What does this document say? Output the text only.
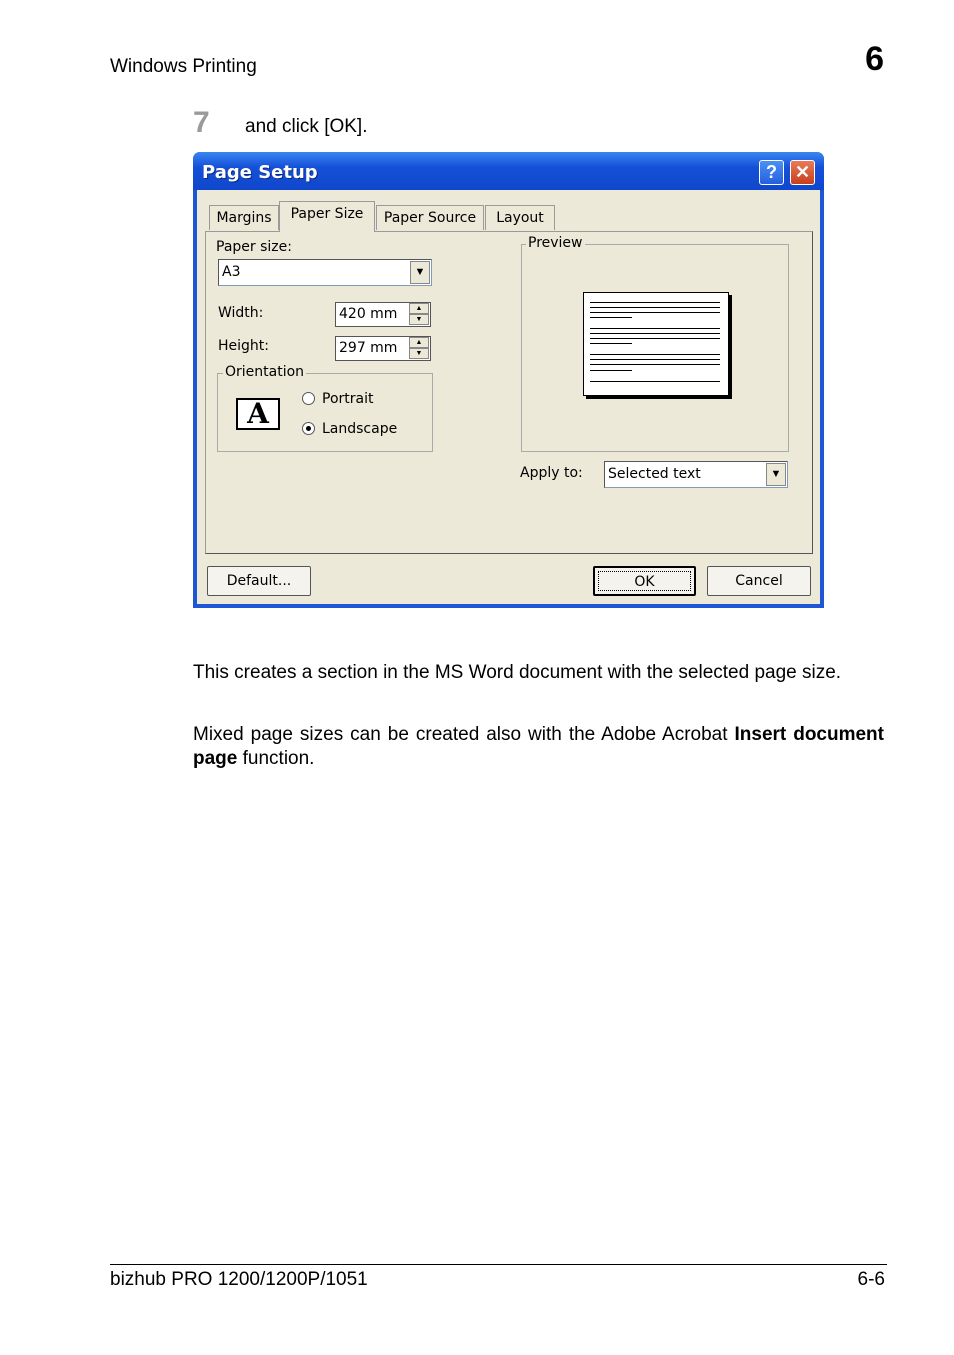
Windows Printing	6
7 and click [OK].
Page Setup	? ✕
Margins	Paper Size	Paper Source	Layout
Paper size:
A3	▼
Width:	420 mm	▲
▼
Height:	297 mm	▲
▼
Orientation
A	Portrait
Landscape
Preview
Apply to: Selected text	▼
Default...	OK	Cancel
This creates a section in the MS Word document with the selected page size.
Mixed page sizes can be created also with the Adobe Acrobat Insert document page function.
bizhub PRO 1200/1200P/1051	6-6
